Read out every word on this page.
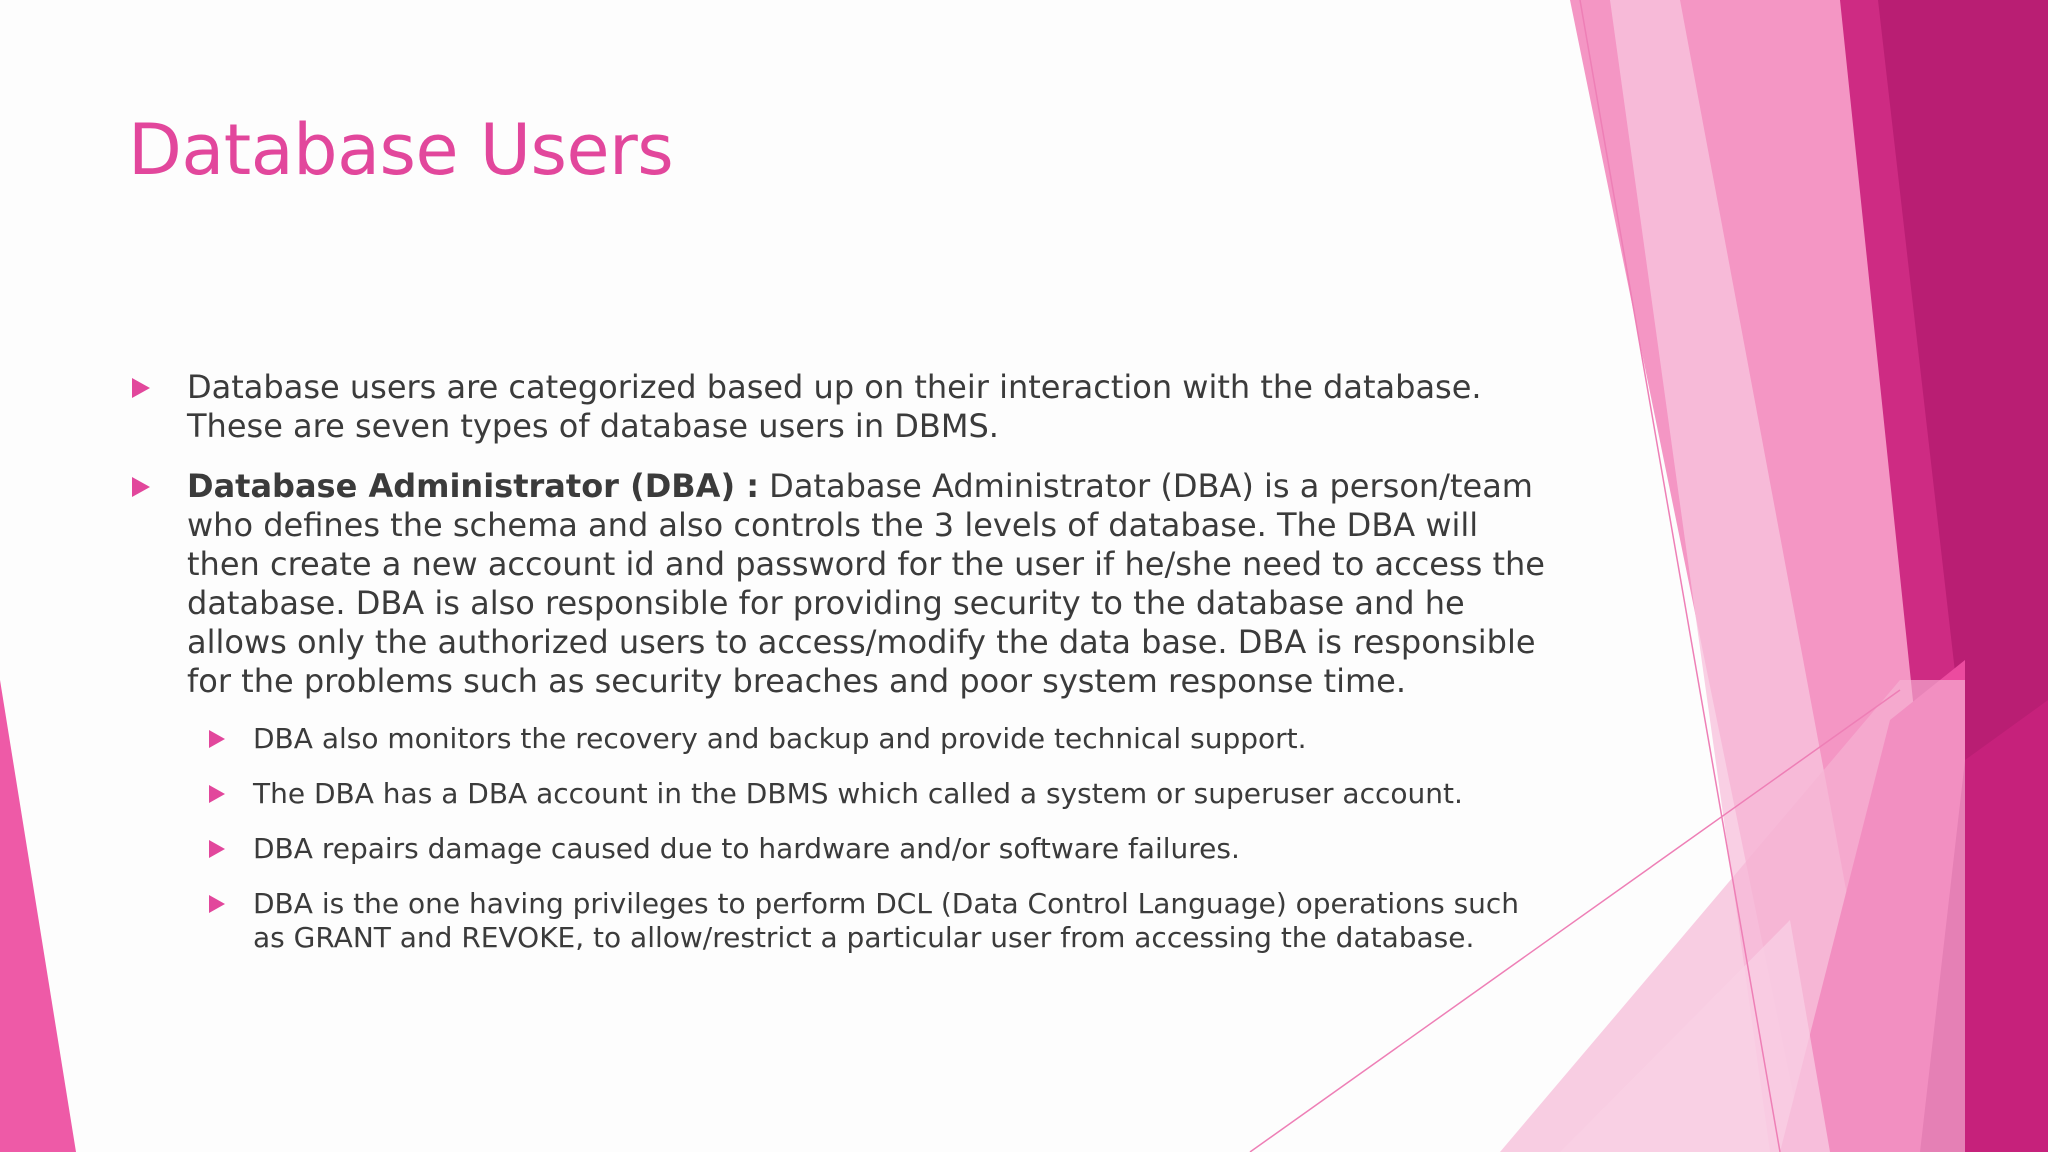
Database Users
Database users are categorized based up on their interaction with the database. These are seven types of database users in DBMS.
Database Administrator (DBA) : Database Administrator (DBA) is a person/team who defines the schema and also controls the 3 levels of database. The DBA will then create a new account id and password for the user if he/she need to access the database. DBA is also responsible for providing security to the database and he allows only the authorized users to access/modify the data base. DBA is responsible for the problems such as security breaches and poor system response time.
DBA also monitors the recovery and backup and provide technical support.
The DBA has a DBA account in the DBMS which called a system or superuser account.
DBA repairs damage caused due to hardware and/or software failures.
DBA is the one having privileges to perform DCL (Data Control Language) operations such as GRANT and REVOKE, to allow/restrict a particular user from accessing the database.
